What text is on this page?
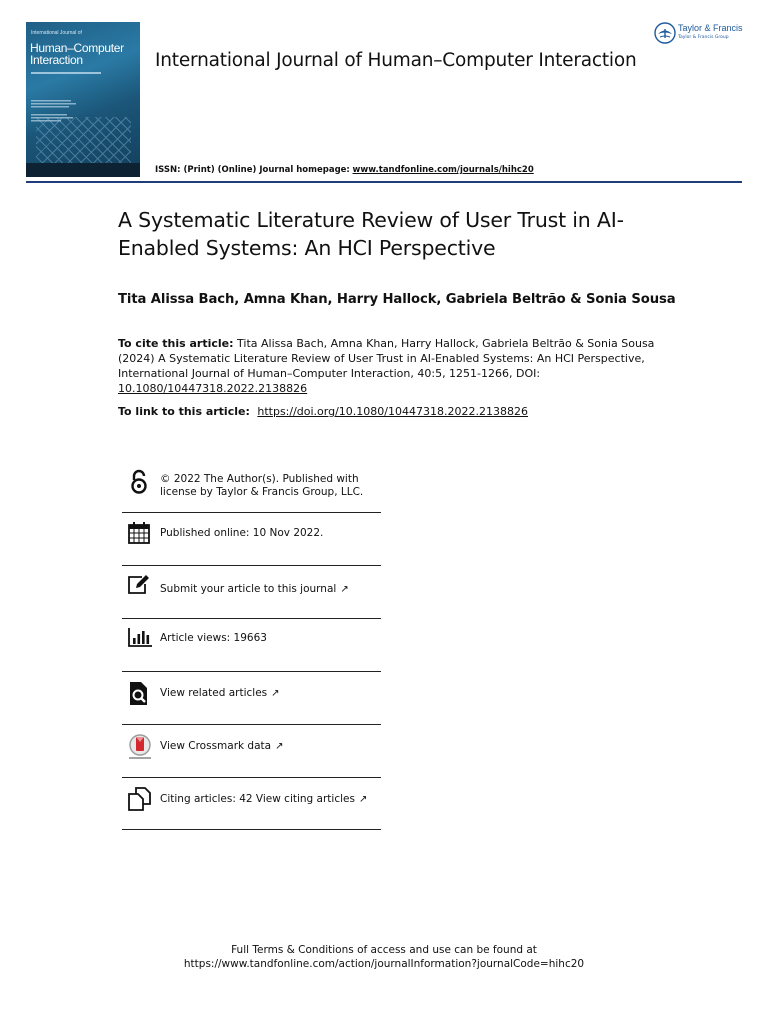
International Journal of
Human–Computer
Interaction	International Journal of Human–Computer Interaction
ISSN: (Print) (Online) Journal homepage: www.tandfonline.com/journals/hihc20
Taylor & Francis
Taylor & Francis Group
A Systematic Literature Review of User Trust in AI-
Enabled Systems: An HCI Perspective
Tita Alissa Bach, Amna Khan, Harry Hallock, Gabriela Beltrão & Sonia Sousa
To cite this article: Tita Alissa Bach, Amna Khan, Harry Hallock, Gabriela Beltrão & Sonia Sousa (2024) A Systematic Literature Review of User Trust in AI-Enabled Systems: An HCI Perspective, International Journal of Human–Computer Interaction, 40:5, 1251-1266, DOI: 10.1080/10447318.2022.2138826
To link to this article: https://doi.org/10.1080/10447318.2022.2138826
© 2022 The Author(s). Published with
license by Taylor & Francis Group, LLC.
Published online: 10 Nov 2022.
Submit your article to this journal ↗
Article views: 19663
View related articles ↗
View Crossmark data ↗
Citing articles: 42 View citing articles ↗
Full Terms & Conditions of access and use can be found at
https://www.tandfonline.com/action/journalInformation?journalCode=hihc20
